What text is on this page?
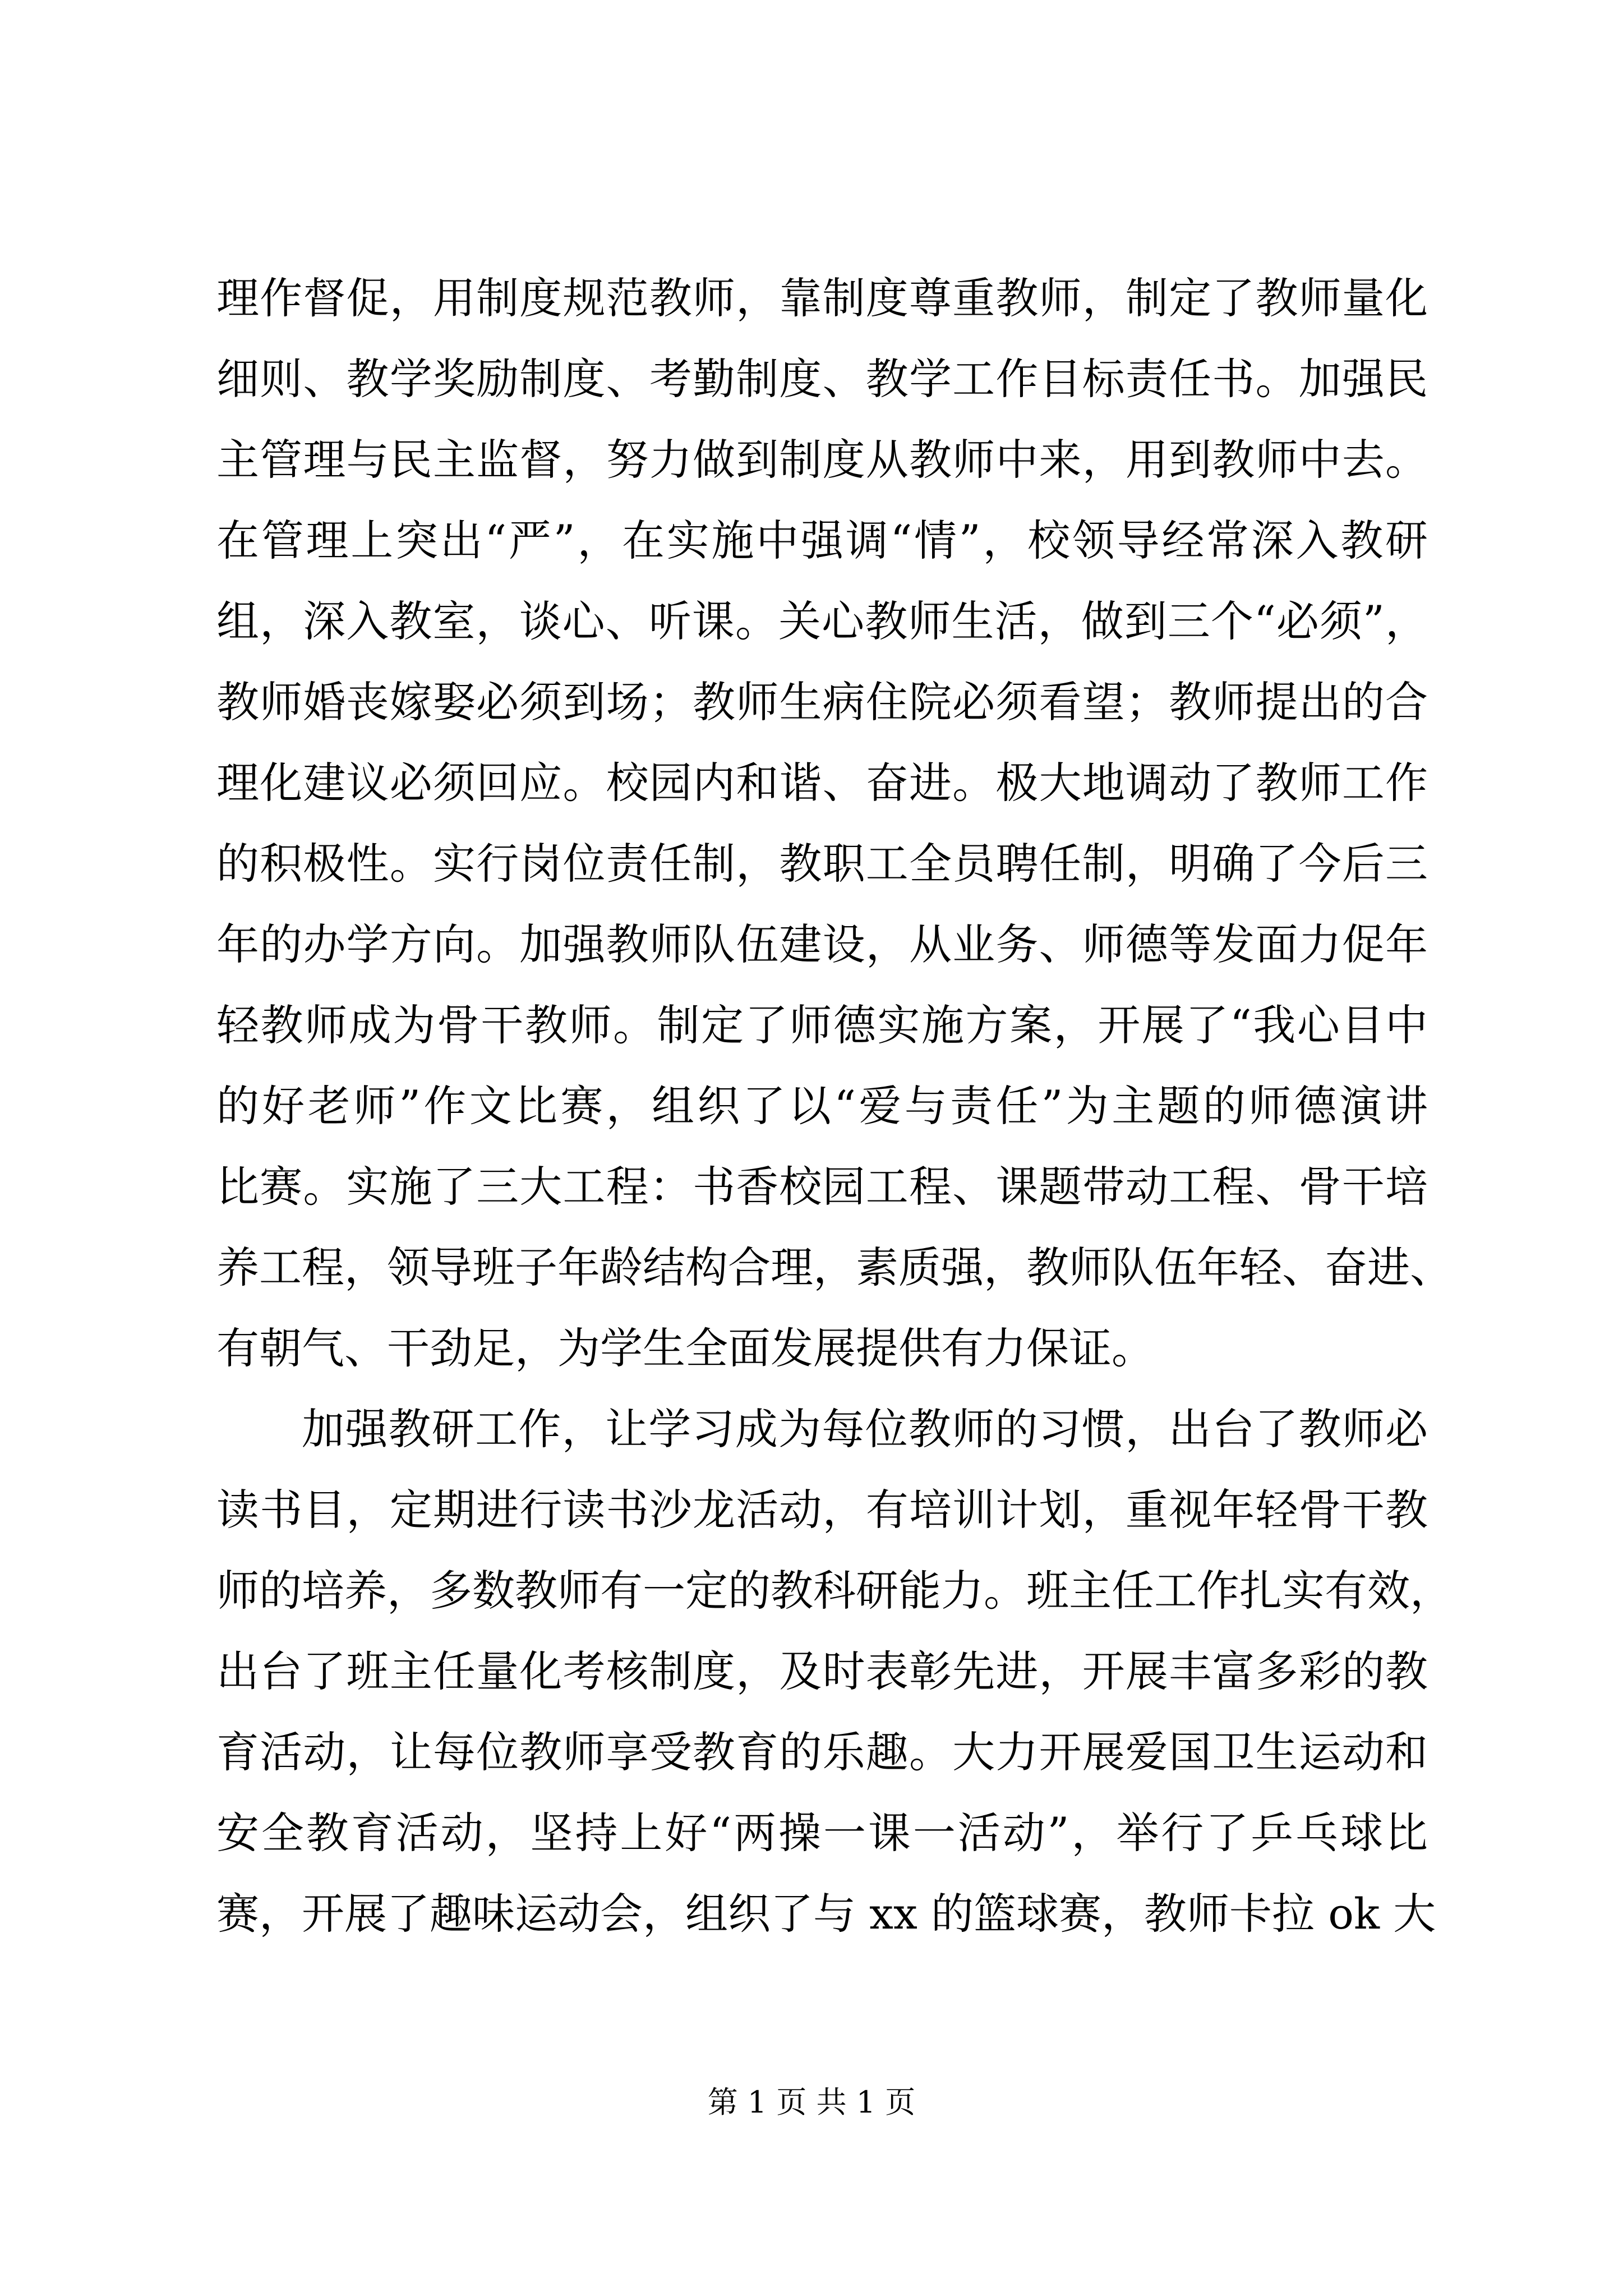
理作督促，用制度规范教师，靠制度尊重教师，制定了教师量化
细则、教学奖励制度、考勤制度、教学工作目标责任书。加强民
主管理与民主监督，努力做到制度从教师中来，用到教师中去。
在管理上突出“严”，在实施中强调“情”，校领导经常深入教研
组，深入教室，谈心、听课。关心教师生活，做到三个“必须”，
教师婚丧嫁娶必须到场；教师生病住院必须看望；教师提出的合
理化建议必须回应。校园内和谐、奋进。极大地调动了教师工作
的积极性。实行岗位责任制，教职工全员聘任制，明确了今后三
年的办学方向。加强教师队伍建设，从业务、师德等发面力促年
轻教师成为骨干教师。制定了师德实施方案，开展了“我心目中
的好老师”作文比赛，组织了以“爱与责任”为主题的师德演讲
比赛。实施了三大工程：书香校园工程、课题带动工程、骨干培
养工程，领导班子年龄结构合理，素质强，教师队伍年轻、奋进、
有朝气、干劲足，为学生全面发展提供有力保证。
加强教研工作，让学习成为每位教师的习惯，出台了教师必
读书目，定期进行读书沙龙活动，有培训计划，重视年轻骨干教
师的培养，多数教师有一定的教科研能力。班主任工作扎实有效，
出台了班主任量化考核制度，及时表彰先进，开展丰富多彩的教
育活动，让每位教师享受教育的乐趣。大力开展爱国卫生运动和
安全教育活动，坚持上好“两操一课一活动”，举行了乒乓球比
赛，开展了趣味运动会，组织了与 xx 的篮球赛，教师卡拉 ok 大
第 1 页 共 1 页
